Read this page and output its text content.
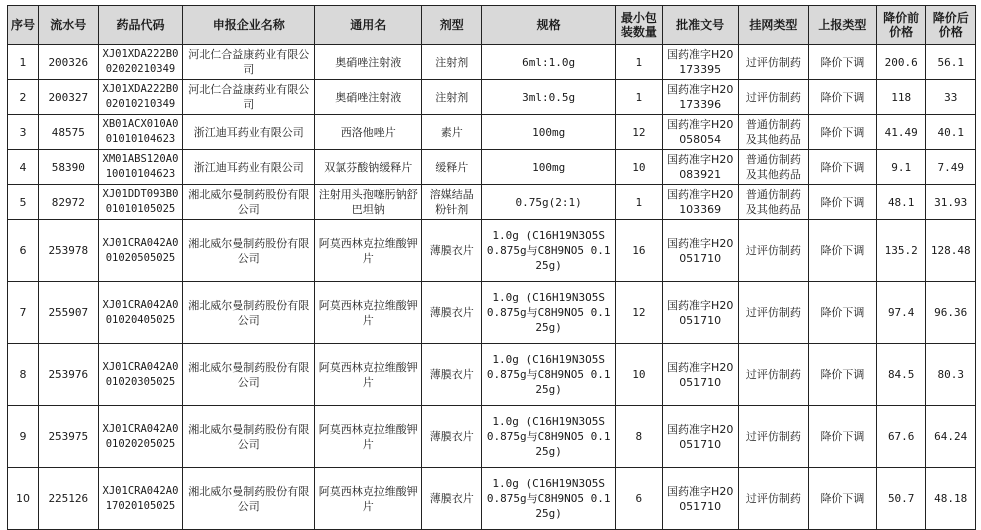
序号	流水号	药品代码	申报企业名称	通用名	剂型	规格	最小包装数量	批准文号	挂网类型	上报类型	降价前价格	降价后价格
1	200326	XJ01XDA222B002020210349	河北仁合益康药业有限公司	奥硝唑注射液	注射剂	6ml:1.0g	1	国药准字H20173395	过评仿制药	降价下调	200.6	56.1
2	200327	XJ01XDA222B002010210349	河北仁合益康药业有限公司	奥硝唑注射液	注射剂	3ml:0.5g	1	国药准字H20173396	过评仿制药	降价下调	118	33
3	48575	XB01ACX010A001010104623	浙江迪耳药业有限公司	西洛他唑片	素片	100mg	12	国药准字H20058054	普通仿制药及其他药品	降价下调	41.49	40.1
4	58390	XM01ABS120A010010104623	浙江迪耳药业有限公司	双氯芬酸钠缓释片	缓释片	100mg	10	国药准字H20083921	普通仿制药及其他药品	降价下调	9.1	7.49
5	82972	XJ01DDT093B001010105025	湘北威尔曼制药股份有限公司	注射用头孢噻肟钠舒巴坦钠	溶媒结晶粉针剂	0.75g(2:1)	1	国药准字H20103369	普通仿制药及其他药品	降价下调	48.1	31.93
6	253978	XJ01CRA042A001020505025	湘北威尔曼制药股份有限公司	阿莫西林克拉维酸钾片	薄膜衣片	1.0g (C16H19N3O5S 0.875g与C8H9NO5 0.125g)	16	国药准字H20051710	过评仿制药	降价下调	135.2	128.48
7	255907	XJ01CRA042A001020405025	湘北威尔曼制药股份有限公司	阿莫西林克拉维酸钾片	薄膜衣片	1.0g (C16H19N3O5S 0.875g与C8H9NO5 0.125g)	12	国药准字H20051710	过评仿制药	降价下调	97.4	96.36
8	253976	XJ01CRA042A001020305025	湘北威尔曼制药股份有限公司	阿莫西林克拉维酸钾片	薄膜衣片	1.0g (C16H19N3O5S 0.875g与C8H9NO5 0.125g)	10	国药准字H20051710	过评仿制药	降价下调	84.5	80.3
9	253975	XJ01CRA042A001020205025	湘北威尔曼制药股份有限公司	阿莫西林克拉维酸钾片	薄膜衣片	1.0g (C16H19N3O5S 0.875g与C8H9NO5 0.125g)	8	国药准字H20051710	过评仿制药	降价下调	67.6	64.24
10	225126	XJ01CRA042A017020105025	湘北威尔曼制药股份有限公司	阿莫西林克拉维酸钾片	薄膜衣片	1.0g (C16H19N3O5S 0.875g与C8H9NO5 0.125g)	6	国药准字H20051710	过评仿制药	降价下调	50.7	48.18
